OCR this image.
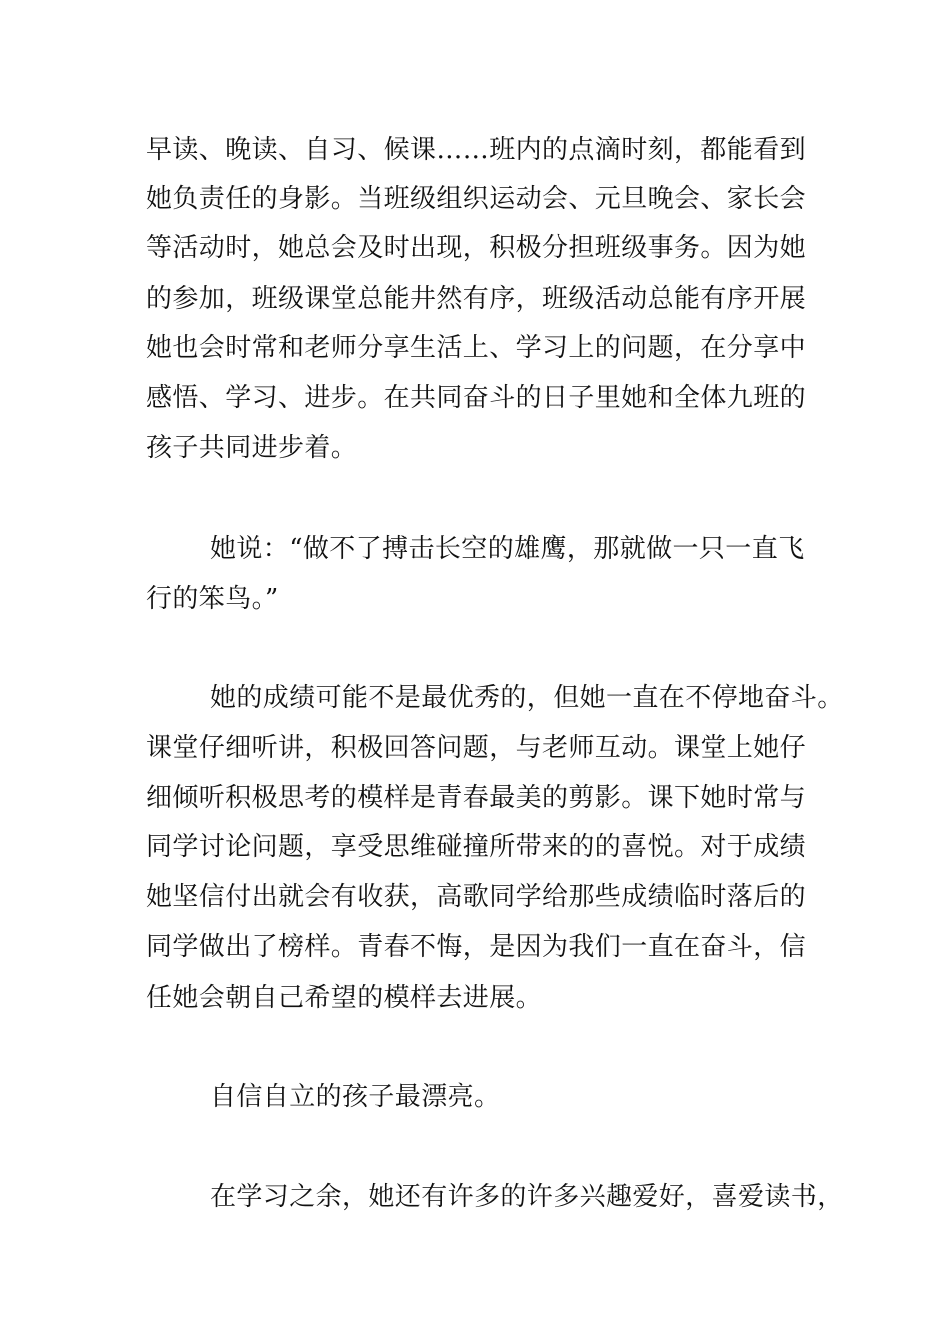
早读、晚读、自习、候课……班内的点滴时刻，都能看到
她负责任的身影。当班级组织运动会、元旦晚会、家长会
等活动时，她总会及时出现，积极分担班级事务。因为她
的参加，班级课堂总能井然有序，班级活动总能有序开展
她也会时常和老师分享生活上、学习上的问题，在分享中
感悟、学习、进步。在共同奋斗的日子里她和全体九班的
孩子共同进步着。
她说：“做不了搏击长空的雄鹰，那就做一只一直飞
行的笨鸟。”
她的成绩可能不是最优秀的，但她一直在不停地奋斗。
课堂仔细听讲，积极回答问题，与老师互动。课堂上她仔
细倾听积极思考的模样是青春最美的剪影。课下她时常与
同学讨论问题，享受思维碰撞所带来的的喜悦。对于成绩
她坚信付出就会有收获，高歌同学给那些成绩临时落后的
同学做出了榜样。青春不悔，是因为我们一直在奋斗，信
任她会朝自己希望的模样去进展。
自信自立的孩子最漂亮。
在学习之余，她还有许多的许多兴趣爱好，喜爱读书，
